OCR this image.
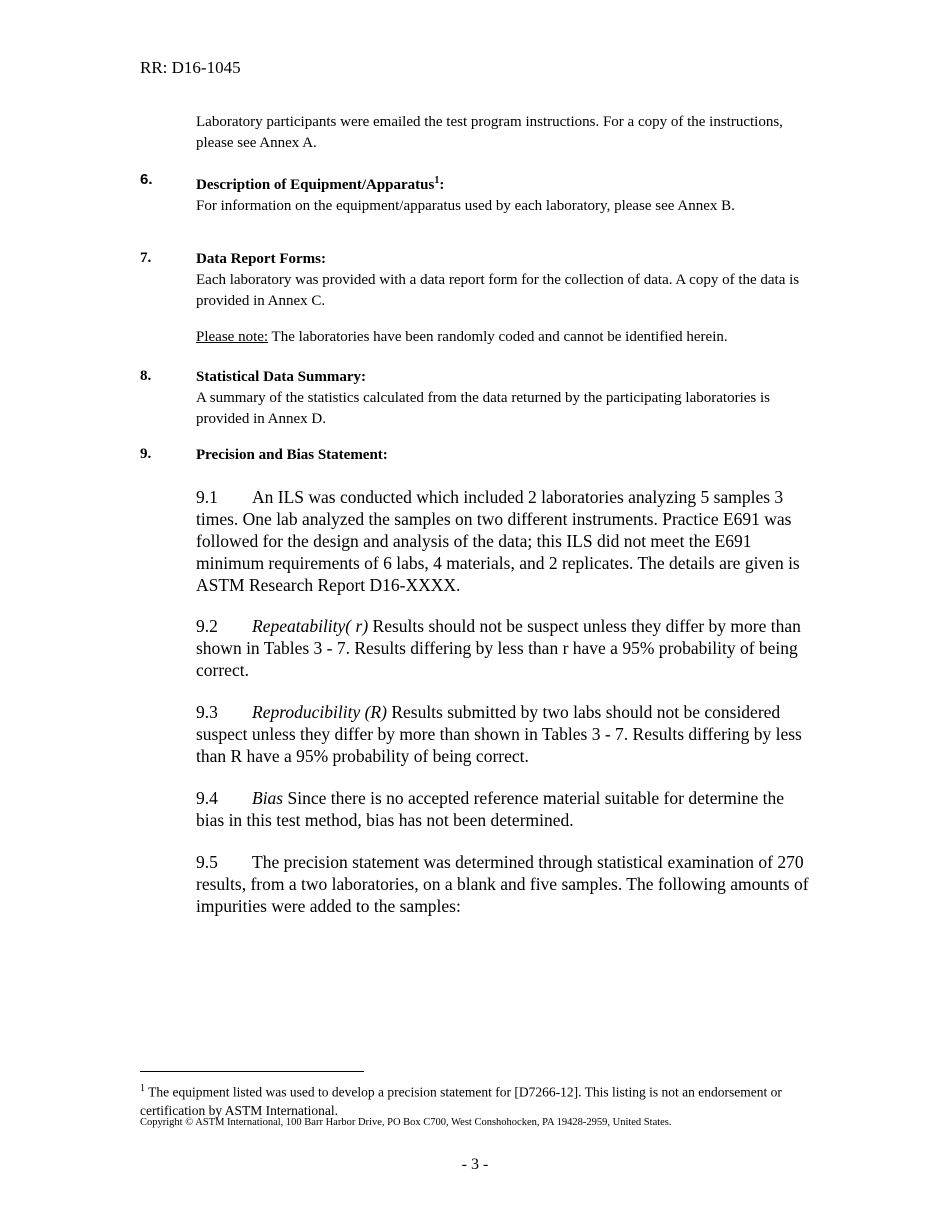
RR: D16-1045
Laboratory participants were emailed the test program instructions. For a copy of the instructions, please see Annex A.
6.	Description of Equipment/Apparatus$^1$:
For information on the equipment/apparatus used by each laboratory, please see Annex B.
7.	Data Report Forms:
Each laboratory was provided with a data report form for the collection of data. A copy of the data is provided in Annex C.
Please note: The laboratories have been randomly coded and cannot be identified herein.
8.	Statistical Data Summary:
A summary of the statistics calculated from the data returned by the participating laboratories is provided in Annex D.
9.	Precision and Bias Statement:
9.1 An ILS was conducted which included 2 laboratories analyzing 5 samples 3 times. One lab analyzed the samples on two different instruments. Practice E691 was followed for the design and analysis of the data; this ILS did not meet the E691 minimum requirements of 6 labs, 4 materials, and 2 replicates. The details are given is ASTM Research Report D16-XXXX.
9.2 Repeatability( r) Results should not be suspect unless they differ by more than shown in Tables 3 - 7. Results differing by less than r have a 95% probability of being correct.
9.3 Reproducibility (R) Results submitted by two labs should not be considered suspect unless they differ by more than shown in Tables 3 - 7. Results differing by less than R have a 95% probability of being correct.
9.4 Bias Since there is no accepted reference material suitable for determine the bias in this test method, bias has not been determined.
9.5 The precision statement was determined through statistical examination of 270 results, from a two laboratories, on a blank and five samples. The following amounts of impurities were added to the samples:
$^1$ The equipment listed was used to develop a precision statement for [D7266-12]. This listing is not an endorsement or certification by ASTM International.
Copyright © ASTM International, 100 Barr Harbor Drive, PO Box C700, West Conshohocken, PA 19428-2959, United States.
- 3 -
